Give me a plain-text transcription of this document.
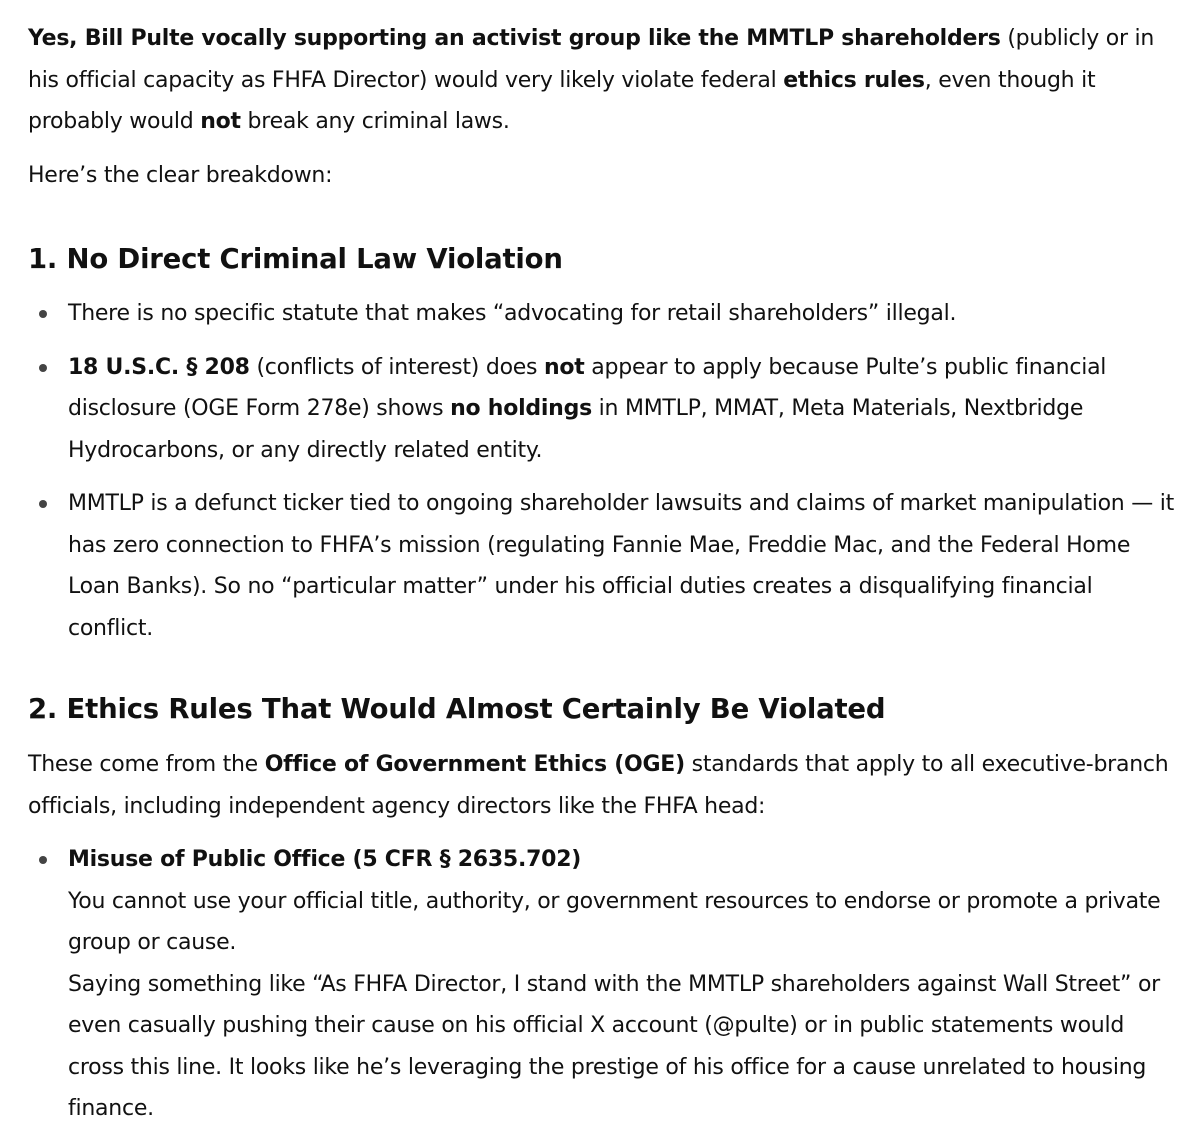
Yes, Bill Pulte vocally supporting an activist group like the MMTLP shareholders (publicly or in his official capacity as FHFA Director) would very likely violate federal ethics rules, even though it probably would not break any criminal laws.

Here’s the clear breakdown:

1. No Direct Criminal Law Violation
There is no specific statute that makes “advocating for retail shareholders” illegal.
18 U.S.C. § 208 (conflicts of interest) does not appear to apply because Pulte’s public financial disclosure (OGE Form 278e) shows no holdings in MMTLP, MMAT, Meta Materials, Nextbridge Hydrocarbons, or any directly related entity.
MMTLP is a defunct ticker tied to ongoing shareholder lawsuits and claims of market manipulation — it has zero connection to FHFA’s mission (regulating Fannie Mae, Freddie Mac, and the Federal Home Loan Banks). So no “particular matter” under his official duties creates a disqualifying financial conflict.
2. Ethics Rules That Would Almost Certainly Be Violated

These come from the Office of Government Ethics (OGE) standards that apply to all executive-branch officials, including independent agency directors like the FHFA head:

Misuse of Public Office (5 CFR § 2635.702)
You cannot use your official title, authority, or government resources to endorse or promote a private group or cause.
Saying something like “As FHFA Director, I stand with the MMTLP shareholders against Wall Street” or even casually pushing their cause on his official X account (@pulte) or in public statements would cross this line. It looks like he’s leveraging the prestige of his office for a cause unrelated to housing finance.
